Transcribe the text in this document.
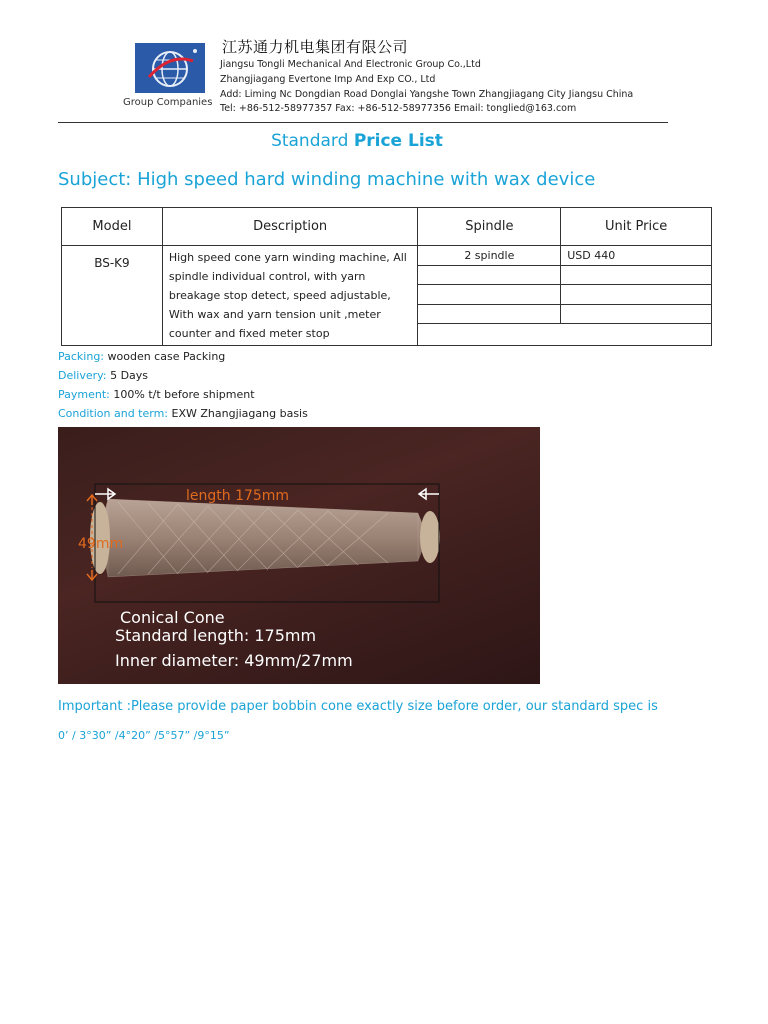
Group Companies
江苏通力机电集团有限公司
Jiangsu Tongli Mechanical And Electronic Group Co.,Ltd
Zhangjiagang Evertone Imp And Exp CO., Ltd
Add: Liming Nc Dongdian Road Donglai Yangshe Town Zhangjiagang City Jiangsu China
Tel: +86-512-58977357 Fax: +86-512-58977356 Email: tonglied@163.com
Standard Price List
Subject: High speed hard winding machine with wax device
Model	Description	Spindle	Unit Price
BS-K9	High speed cone yarn winding machine, All spindle individual control, with yarn breakage stop detect, speed adjustable, With wax and yarn tension unit ,meter counter and fixed meter stop	2 spindle	USD 440

Packing: wooden case Packing
Delivery: 5 Days
Payment: 100% t/t before shipment
Condition and term: EXW Zhangjiagang basis
length 175mm
49mm
Conical Cone
Standard length: 175mm
Inner diameter: 49mm/27mm
Important :Please provide paper bobbin cone exactly size before order, our standard spec is
0’ / 3°30” /4°20” /5°57” /9°15”
